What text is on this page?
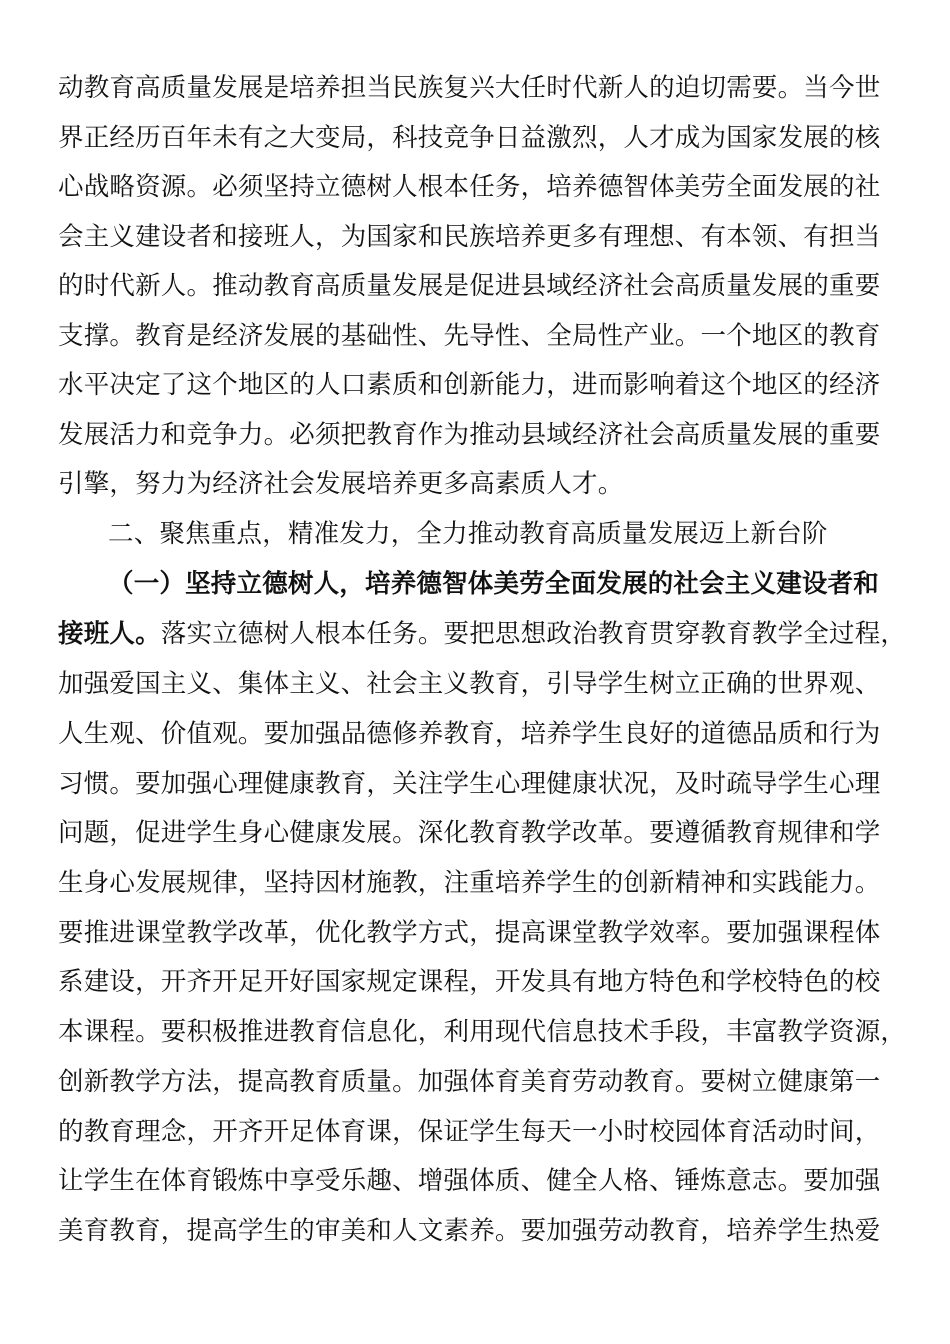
动教育高质量发展是培养担当民族复兴大任时代新人的迫切需要。当今世
界正经历百年未有之大变局，科技竞争日益激烈，人才成为国家发展的核
心战略资源。必须坚持立德树人根本任务，培养德智体美劳全面发展的社
会主义建设者和接班人，为国家和民族培养更多有理想、有本领、有担当
的时代新人。推动教育高质量发展是促进县域经济社会高质量发展的重要
支撑。教育是经济发展的基础性、先导性、全局性产业。一个地区的教育
水平决定了这个地区的人口素质和创新能力，进而影响着这个地区的经济
发展活力和竞争力。必须把教育作为推动县域经济社会高质量发展的重要
引擎，努力为经济社会发展培养更多高素质人才。
二、聚焦重点，精准发力，全力推动教育高质量发展迈上新台阶
（一）坚持立德树人，培养德智体美劳全面发展的社会主义建设者和
接班人。落实立德树人根本任务。要把思想政治教育贯穿教育教学全过程，
加强爱国主义、集体主义、社会主义教育，引导学生树立正确的世界观、
人生观、价值观。要加强品德修养教育，培养学生良好的道德品质和行为
习惯。要加强心理健康教育，关注学生心理健康状况，及时疏导学生心理
问题，促进学生身心健康发展。深化教育教学改革。要遵循教育规律和学
生身心发展规律，坚持因材施教，注重培养学生的创新精神和实践能力。
要推进课堂教学改革，优化教学方式，提高课堂教学效率。要加强课程体
系建设，开齐开足开好国家规定课程，开发具有地方特色和学校特色的校
本课程。要积极推进教育信息化，利用现代信息技术手段，丰富教学资源，
创新教学方法，提高教育质量。加强体育美育劳动教育。要树立健康第一
的教育理念，开齐开足体育课，保证学生每天一小时校园体育活动时间，
让学生在体育锻炼中享受乐趣、增强体质、健全人格、锤炼意志。要加强
美育教育，提高学生的审美和人文素养。要加强劳动教育，培养学生热爱
